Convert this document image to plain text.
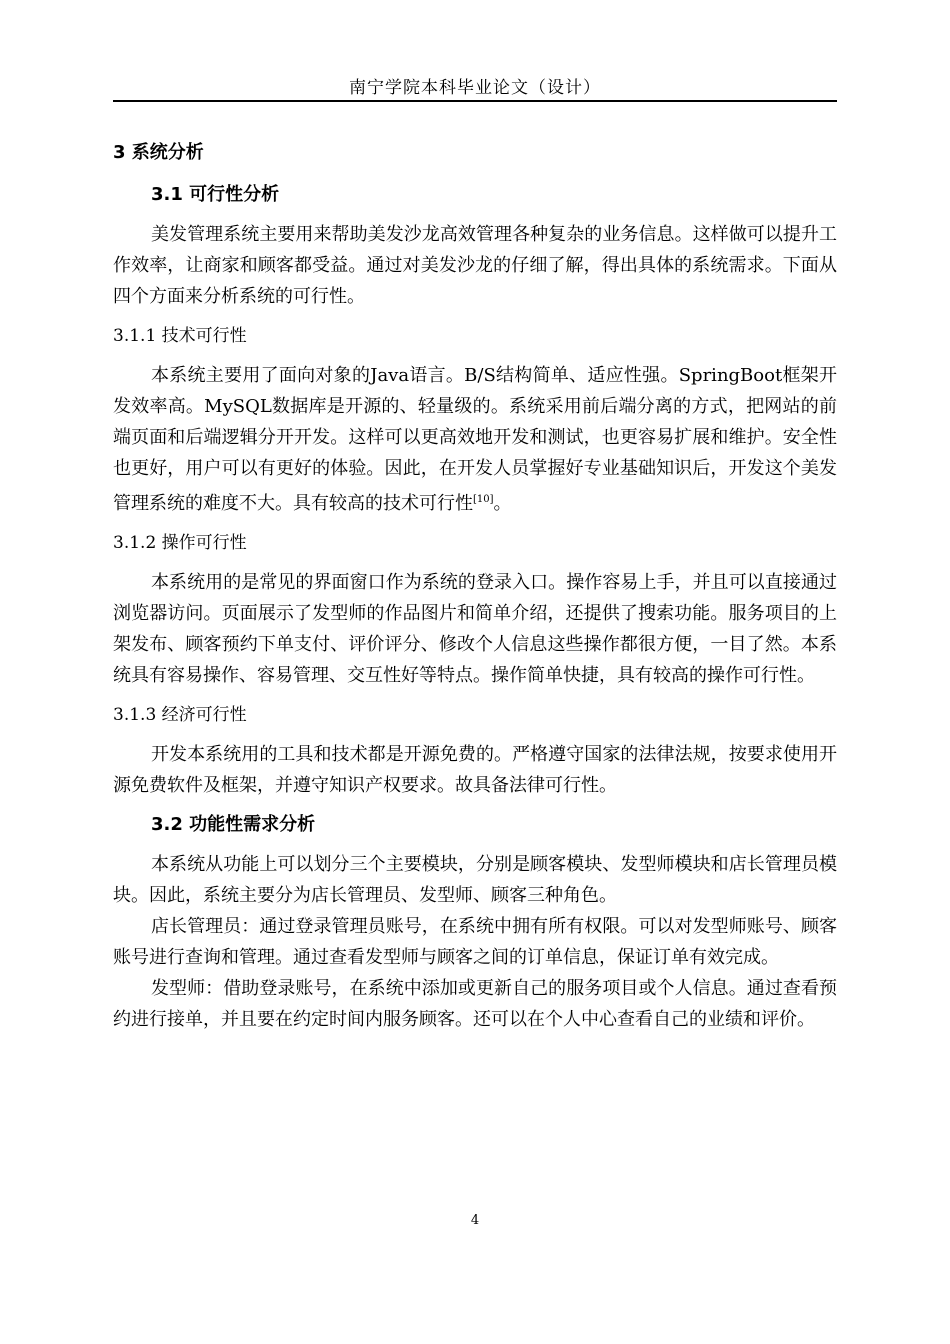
南宁学院本科毕业论文（设计）
3 系统分析
3.1 可行性分析

美发管理系统主要用来帮助美发沙龙高效管理各种复杂的业务信息。这样做可以提升工作效率，让商家和顾客都受益。通过对美发沙龙的仔细了解，得出具体的系统需求。下面从四个方面来分析系统的可行性。

3.1.1 技术可行性

本系统主要用了面向对象的Java语言。B/S结构简单、适应性强。SpringBoot框架开发效率高。MySQL数据库是开源的、轻量级的。系统采用前后端分离的方式，把网站的前端页面和后端逻辑分开开发。这样可以更高效地开发和测试，也更容易扩展和维护。安全性也更好，用户可以有更好的体验。因此，在开发人员掌握好专业基础知识后，开发这个美发管理系统的难度不大。具有较高的技术可行性[10]。

3.1.2 操作可行性

本系统用的是常见的界面窗口作为系统的登录入口。操作容易上手，并且可以直接通过浏览器访问。页面展示了发型师的作品图片和简单介绍，还提供了搜索功能。服务项目的上架发布、顾客预约下单支付、评价评分、修改个人信息这些操作都很方便，一目了然。本系统具有容易操作、容易管理、交互性好等特点。操作简单快捷，具有较高的操作可行性。

3.1.3 经济可行性

开发本系统用的工具和技术都是开源免费的。严格遵守国家的法律法规，按要求使用开源免费软件及框架，并遵守知识产权要求。故具备法律可行性。

3.2 功能性需求分析

本系统从功能上可以划分三个主要模块，分别是顾客模块、发型师模块和店长管理员模块。因此，系统主要分为店长管理员、发型师、顾客三种角色。

店长管理员：通过登录管理员账号，在系统中拥有所有权限。可以对发型师账号、顾客账号进行查询和管理。通过查看发型师与顾客之间的订单信息，保证订单有效完成。

发型师：借助登录账号，在系统中添加或更新自己的服务项目或个人信息。通过查看预约进行接单，并且要在约定时间内服务顾客。还可以在个人中心查看自己的业绩和评价。

4
